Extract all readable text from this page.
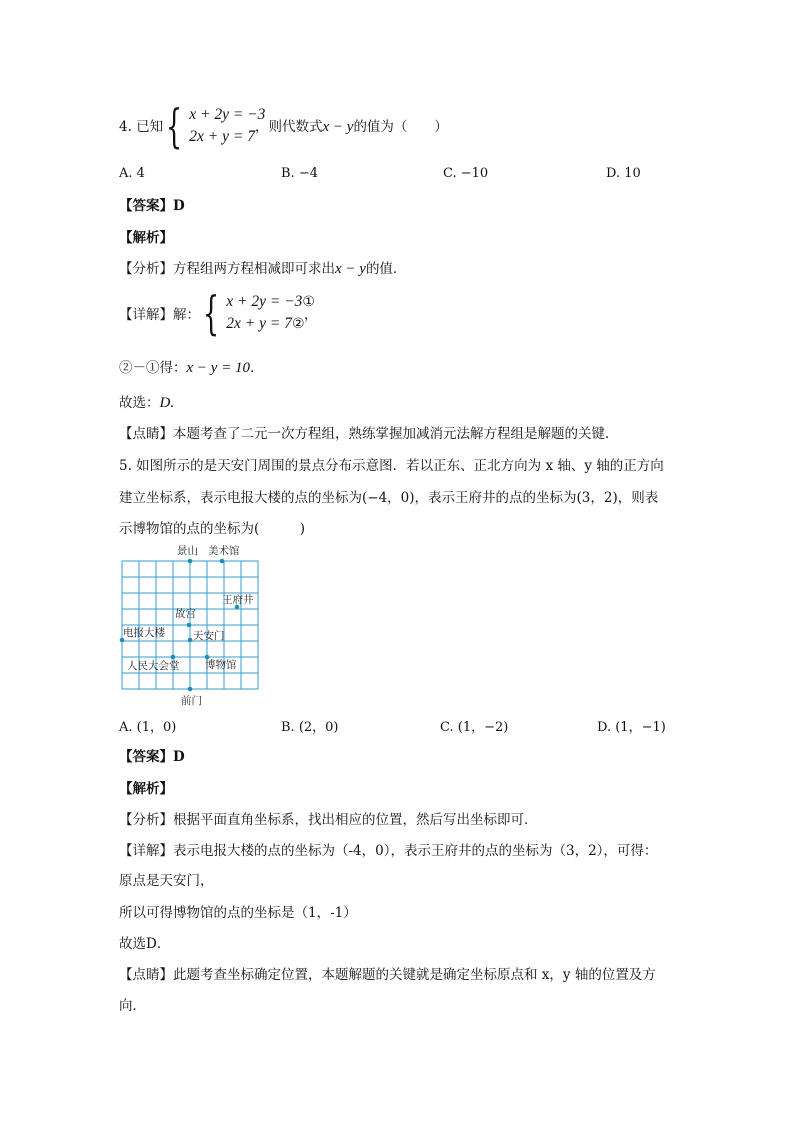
4. 已知 { x + 2y = −3
2x + y = 7
，则代数式x − y的值为（　　）
A. 4	B. −4	C. −10	D. 10
【答案】D
【解析】
【分析】方程组两方程相减即可求出x − y的值．
【详解】解： { x + 2y = −3①
2x + y = 7②
，
②－①得：x − y = 10．
故选：D.
【点睛】本题考查了二元一次方程组，熟练掌握加减消元法解方程组是解题的关键．
5. 如图所示的是天安门周围的景点分布示意图．若以正东、正北方向为 x 轴、y 轴的正方向
建立坐标系，表示电报大楼的点的坐标为(−4，0)，表示王府井的点的坐标为(3，2)，则表
示博物馆的点的坐标为(　　　)
景山 美术馆
王府井
故宫
电报大楼	天安门
人民大会堂 博物馆
前门
A. (1，0)	B. (2，0)	C. (1，−2)	D. (1，−1)
【答案】D
【解析】
【分析】根据平面直角坐标系，找出相应的位置，然后写出坐标即可．
【详解】表示电报大楼的点的坐标为（-4，0），表示王府井的点的坐标为（3，2），可得：
原点是天安门，
所以可得博物馆的点的坐标是（1，-1）
故选D．
【点睛】此题考查坐标确定位置，本题解题的关键就是确定坐标原点和 x，y 轴的位置及方
向．
